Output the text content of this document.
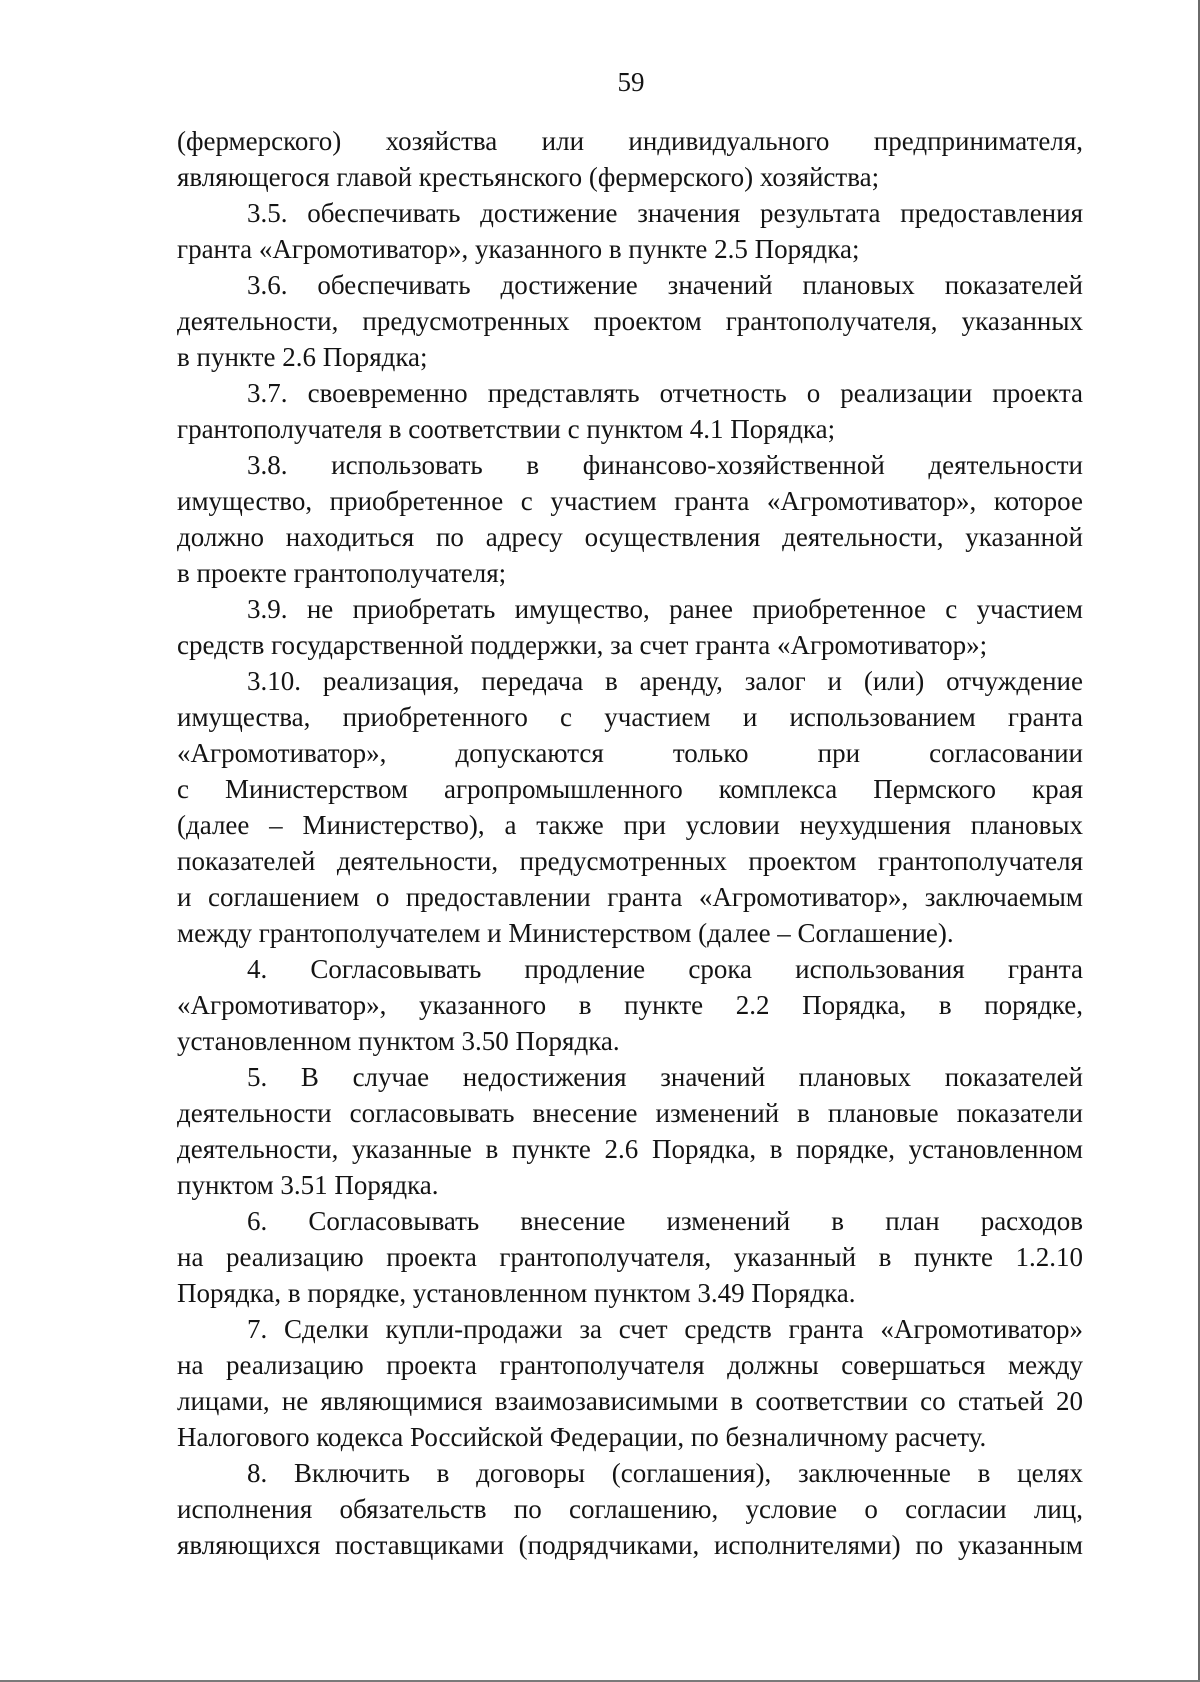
59
(фермерского) хозяйства или индивидуального предпринимателя,
являющегося главой крестьянского (фермерского) хозяйства;
3.5. обеспечивать достижение значения результата предоставления
гранта «Агромотиватор», указанного в пункте 2.5 Порядка;
3.6. обеспечивать достижение значений плановых показателей
деятельности, предусмотренных проектом грантополучателя, указанных
в пункте 2.6 Порядка;
3.7. своевременно представлять отчетность о реализации проекта
грантополучателя в соответствии с пунктом 4.1 Порядка;
3.8. использовать в финансово-хозяйственной деятельности
имущество, приобретенное с участием гранта «Агромотиватор», которое
должно находиться по адресу осуществления деятельности, указанной
в проекте грантополучателя;
3.9. не приобретать имущество, ранее приобретенное с участием
средств государственной поддержки, за счет гранта «Агромотиватор»;
3.10. реализация, передача в аренду, залог и (или) отчуждение
имущества, приобретенного с участием и использованием гранта
«Агромотиватор», допускаются только при согласовании
с Министерством агропромышленного комплекса Пермского края
(далее – Министерство), а также при условии неухудшения плановых
показателей деятельности, предусмотренных проектом грантополучателя
и соглашением о предоставлении гранта «Агромотиватор», заключаемым
между грантополучателем и Министерством (далее – Соглашение).
4. Согласовывать продление срока использования гранта
«Агромотиватор», указанного в пункте 2.2 Порядка, в порядке,
установленном пунктом 3.50 Порядка.
5. В случае недостижения значений плановых показателей
деятельности согласовывать внесение изменений в плановые показатели
деятельности, указанные в пункте 2.6 Порядка, в порядке, установленном
пунктом 3.51 Порядка.
6. Согласовывать внесение изменений в план расходов
на реализацию проекта грантополучателя, указанный в пункте 1.2.10
Порядка, в порядке, установленном пунктом 3.49 Порядка.
7. Сделки купли-продажи за счет средств гранта «Агромотиватор»
на реализацию проекта грантополучателя должны совершаться между
лицами, не являющимися взаимозависимыми в соответствии со статьей 20
Налогового кодекса Российской Федерации, по безналичному расчету.
8. Включить в договоры (соглашения), заключенные в целях
исполнения обязательств по соглашению, условие о согласии лиц,
являющихся поставщиками (подрядчиками, исполнителями) по указанным
